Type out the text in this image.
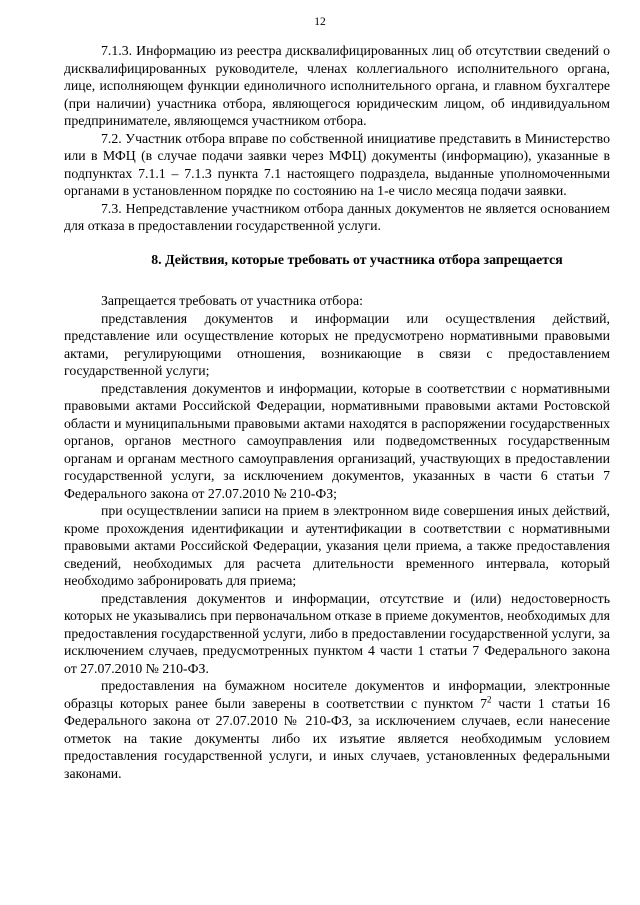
12

7.1.3. Информацию из реестра дисквалифицированных лиц об отсутствии сведений о дисквалифицированных руководителе, членах коллегиального исполнительного органа, лице, исполняющем функции единоличного исполнительного органа, и главном бухгалтере (при наличии) участника отбора, являющегося юридическим лицом, об индивидуальном предпринимателе, являющемся участником отбора.

7.2. Участник отбора вправе по собственной инициативе представить в Министерство или в МФЦ (в случае подачи заявки через МФЦ) документы (информацию), указанные в подпунктах 7.1.1 – 7.1.3 пункта 7.1 настоящего подраздела, выданные уполномоченными органами в установленном порядке по состоянию на 1-е число месяца подачи заявки.

7.3. Непредставление участником отбора данных документов не является основанием для отказа в предоставлении государственной услуги.

8. Действия, которые требовать от участника отбора запрещается

Запрещается требовать от участника отбора:

представления документов и информации или осуществления действий, представление или осуществление которых не предусмотрено нормативными правовыми актами, регулирующими отношения, возникающие в связи с предоставлением государственной услуги;

представления документов и информации, которые в соответствии с нормативными правовыми актами Российской Федерации, нормативными правовыми актами Ростовской области и муниципальными правовыми актами находятся в распоряжении государственных органов, органов местного самоуправления или подведомственных государственным органам и органам местного самоуправления организаций, участвующих в предоставлении государственной услуги, за исключением документов, указанных в части 6 статьи 7 Федерального закона от 27.07.2010 № 210-ФЗ;

при осуществлении записи на прием в электронном виде совершения иных действий, кроме прохождения идентификации и аутентификации в соответствии с нормативными правовыми актами Российской Федерации, указания цели приема, а также предоставления сведений, необходимых для расчета длительности временного интервала, который необходимо забронировать для приема;

представления документов и информации, отсутствие и (или) недостоверность которых не указывались при первоначальном отказе в приеме документов, необходимых для предоставления государственной услуги, либо в предоставлении государственной услуги, за исключением случаев, предусмотренных пунктом 4 части 1 статьи 7 Федерального закона от 27.07.2010 № 210-ФЗ.

предоставления на бумажном носителе документов и информации, электронные образцы которых ранее были заверены в соответствии с пунктом $7^2$ части 1 статьи 16 Федерального закона от 27.07.2010 № 210-ФЗ, за исключением случаев, если нанесение отметок на такие документы либо их изъятие является необходимым условием предоставления государственной услуги, и иных случаев, установленных федеральными законами.
